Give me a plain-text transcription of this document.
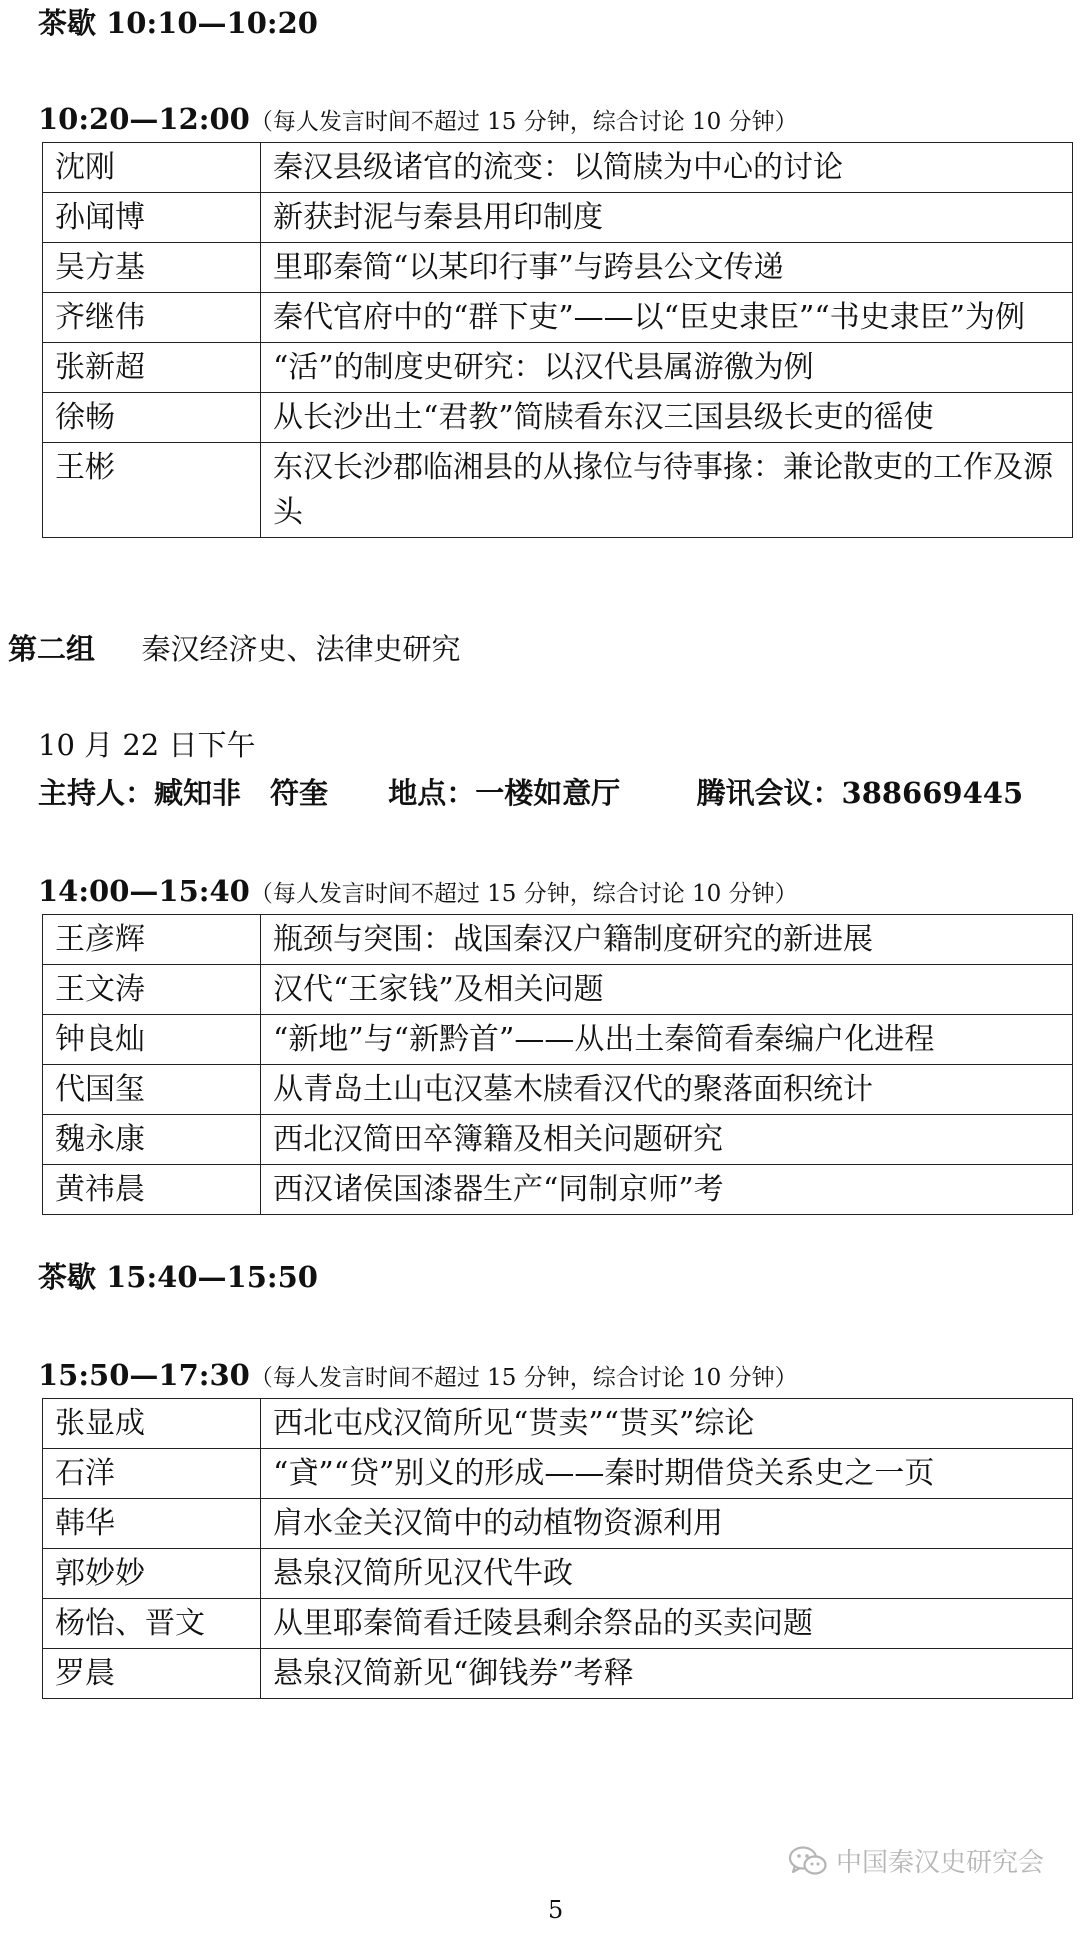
茶歇 10:10—10:20
10:20—12:00（每人发言时间不超过 15 分钟，综合讨论 10 分钟）
沈刚	秦汉县级诸官的流变：以简牍为中心的讨论
孙闻博	新获封泥与秦县用印制度
吴方基	里耶秦简“以某印行事”与跨县公文传递
齐继伟	秦代官府中的“群下吏”——以“臣史隶臣”“书史隶臣”为例
张新超	“活”的制度史研究：以汉代县属游徼为例
徐畅	从长沙出土“君教”简牍看东汉三国县级长吏的徭使
王彬	东汉长沙郡临湘县的从掾位与待事掾：兼论散吏的工作及源头
第二组 秦汉经济史、法律史研究
10 月 22 日下午
主持人：臧知非　符奎 地点：一楼如意厅	腾讯会议：388669445
14:00—15:40（每人发言时间不超过 15 分钟，综合讨论 10 分钟）
王彦辉	瓶颈与突围：战国秦汉户籍制度研究的新进展
王文涛	汉代“王家钱”及相关问题
钟良灿	“新地”与“新黔首”——从出土秦简看秦编户化进程
代国玺	从青岛土山屯汉墓木牍看汉代的聚落面积统计
魏永康	西北汉简田卒簿籍及相关问题研究
黄祎晨	西汉诸侯国漆器生产“同制京师”考
茶歇 15:40—15:50
15:50—17:30（每人发言时间不超过 15 分钟，综合讨论 10 分钟）
张显成	西北屯戍汉简所见“贳卖”“贳买”综论
石洋	“貣”“贷”别义的形成——秦时期借贷关系史之一页
韩华	肩水金关汉简中的动植物资源利用
郭妙妙	悬泉汉简所见汉代牛政
杨怡、晋文	从里耶秦简看迁陵县剩余祭品的买卖问题
罗晨	悬泉汉简新见“御钱券”考释
中国秦汉史研究会
5
